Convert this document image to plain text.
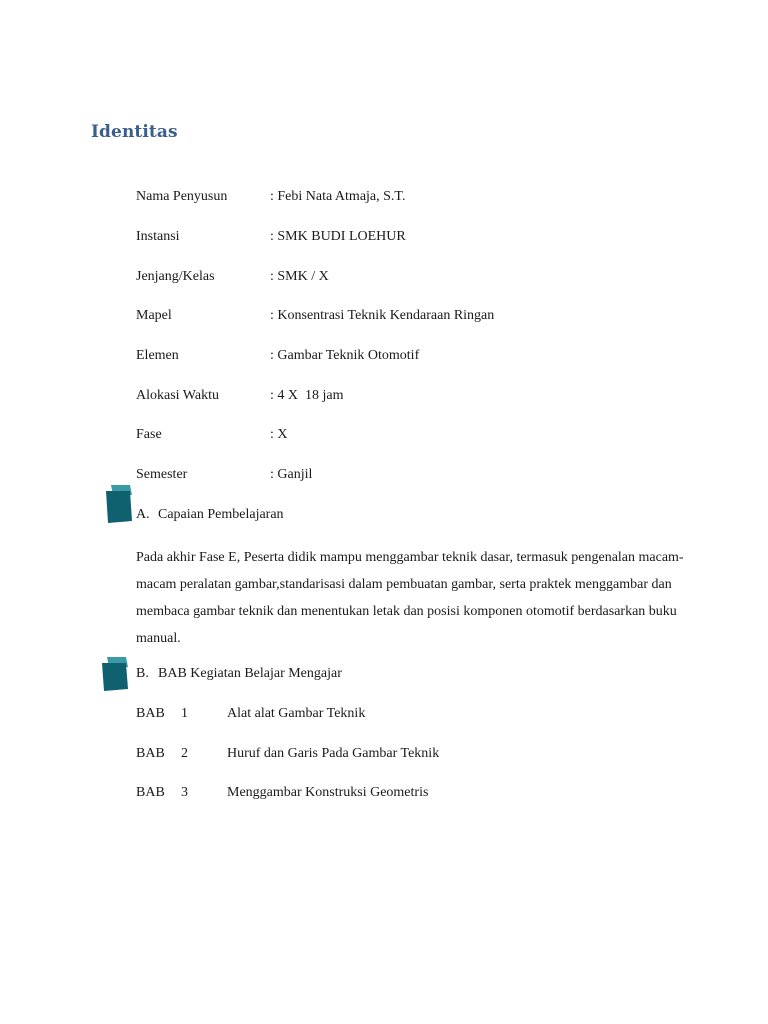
Identitas
Nama Penyusun	: Febi Nata Atmaja, S.T.
Instansi	: SMK BUDI LOEHUR
Jenjang/Kelas	: SMK / X
Mapel	: Konsentrasi Teknik Kendaraan Ringan
Elemen	: Gambar Teknik Otomotif
Alokasi Waktu	: 4 X  18 jam
Fase	: X
Semester	: Ganjil
A. Capaian Pembelajaran
Pada akhir Fase E, Peserta didik mampu menggambar teknik dasar, termasuk pengenalan macam-macam peralatan gambar,standarisasi dalam pembuatan gambar, serta praktek menggambar dan membaca gambar teknik dan menentukan letak dan posisi komponen otomotif berdasarkan buku manual.
B. BAB Kegiatan Belajar Mengajar
BAB 1	Alat alat Gambar Teknik
BAB 2	Huruf dan Garis Pada Gambar Teknik
BAB 3	Menggambar Konstruksi Geometris
